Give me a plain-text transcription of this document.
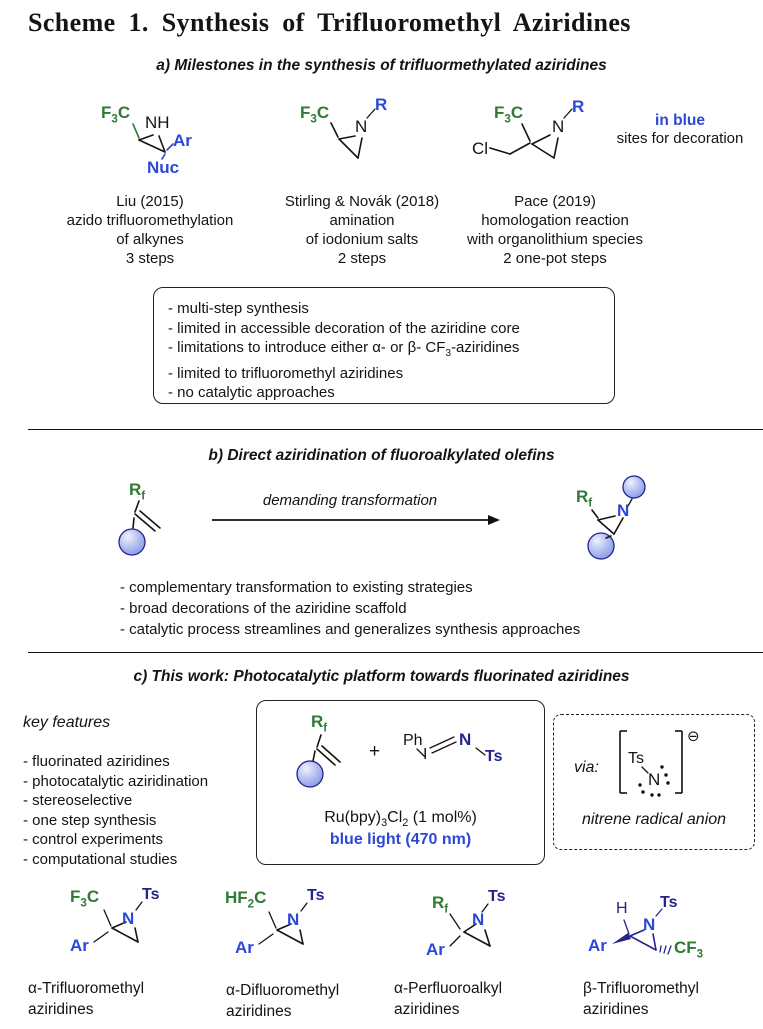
Scheme 1. Synthesis of Trifluoromethyl Aziridines
a) Milestones in the synthesis of trifluormethylated aziridines
$F_3C$
NH
Ar
Nuc
Liu (2015)
azido trifluoromethylation
of alkynes
3 steps
$F_3C$
N
R
Stirling & Novák (2018)
amination
of iodonium salts
2 steps
$F_3C$
N
R
Cl
Pace (2019)
homologation reaction
with organolithium species
2 one-pot steps
in blue
sites for decoration
- multi-step synthesis
- limited in accessible decoration of the aziridine core
- limitations to introduce either α- or β- $CF_3$-aziridines
- limited to trifluoromethyl aziridines
- no catalytic approaches
b) Direct aziridination of fluoroalkylated olefins
$R_f$	demanding transformation	$R_f$ N
- complementary transformation to existing strategies
- broad decorations of the aziridine scaffold
- catalytic process streamlines and generalizes synthesis approaches
c) This work: Photocatalytic platform towards fluorinated aziridines
key features
- fluorinated aziridines
- photocatalytic aziridination
- stereoselective
- one step synthesis
- control experiments
- computational studies
$R_f$
+
Ph
I
N
Ts
$Ru(bpy)_3Cl_2$ (1 mol%)
blue light (470 nm)
via:
Ts
N
⊖
nitrene radical anion
$F_3C$
N
Ts
Ar
α-Trifluoromethyl
aziridines
$HF_2C$
N
Ts
Ar
α-Difluoromethyl
aziridines
$R_f$
N
Ts
Ar
α-Perfluoroalkyl
aziridines
H
N
Ts
Ar	$CF_3$
β-Trifluoromethyl
aziridines
